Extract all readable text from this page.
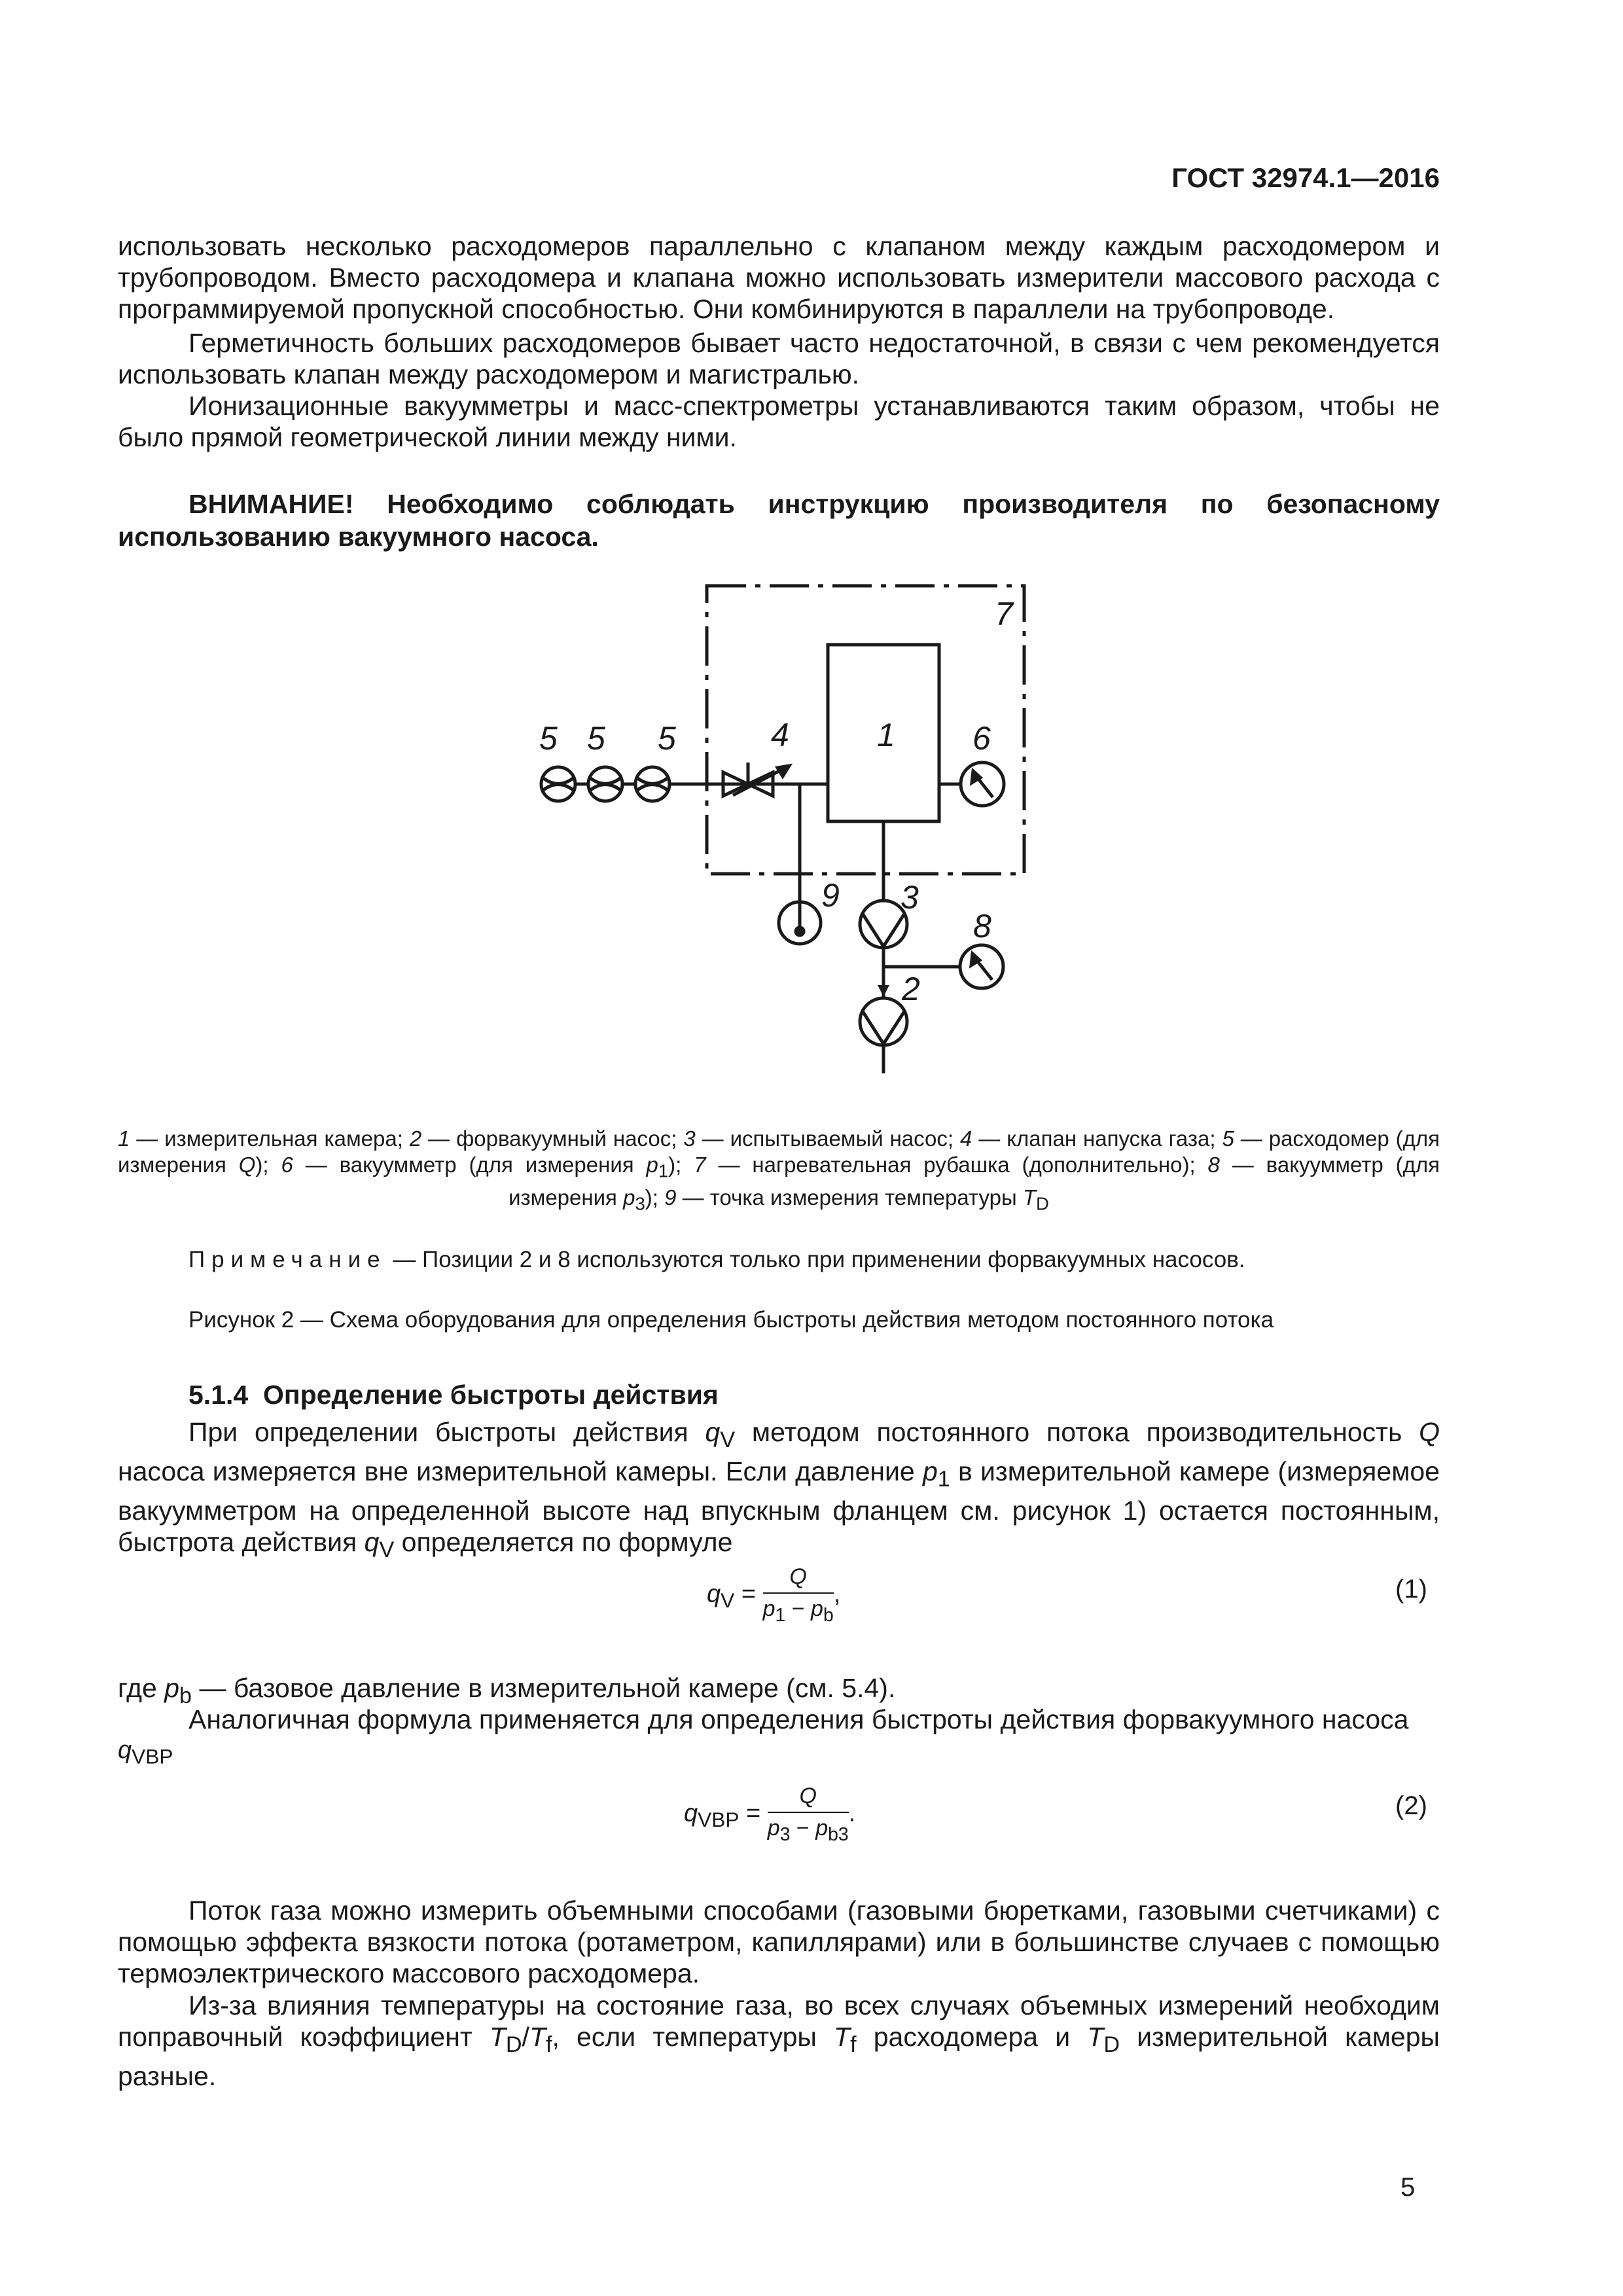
ГОСТ 32974.1—2016

использовать несколько расходомеров параллельно с клапаном между каждым расходомером и трубопроводом. Вместо расходомера и клапана можно использовать измерители массового расхода с программируемой пропускной способностью. Они комбинируются в параллели на трубопроводе.

Герметичность больших расходомеров бывает часто недостаточной, в связи с чем рекомендуется использовать клапан между расходомером и магистралью.

Ионизационные вакуумметры и масс-спектрометры устанавливаются таким образом, чтобы не было прямой геометрической линии между ними.

ВНИМАНИЕ! Необходимо соблюдать инструкцию производителя по безопасному использованию вакуумного насоса.

1
2
3
4
5 5 5	6
7
8
9

1 — измерительная камера; 2 — форвакуумный насос; 3 — испытываемый насос; 4 — клапан напуска газа; 5 — расходомер (для измерения Q); 6 — вакуумметр (для измерения $p_1$); 7 — нагревательная рубашка (дополнительно); 8 — вакуумметр (для измерения $p_3$); 9 — точка измерения температуры $T_D$

Примечание — Позиции 2 и 8 используются только при применении форвакуумных насосов.
Рисунок 2 — Схема оборудования для определения быстроты действия методом постоянного потока
5.1.4 Определение быстроты действия

При определении быстроты действия $q_V$ методом постоянного потока производительность Q насоса измеряется вне измерительной камеры. Если давление $p_1$ в измерительной камере (измеряемое вакуумметром на определенной высоте над впускным фланцем см. рисунок 1) остается постоянным, быстрота действия $q_V$ определяется по формуле

$q_V = \frac{Q}{p_1 - p_b}$ ,	(1)

где $p_b$ — базовое давление в измерительной камере (см. 5.4).

Аналогичная формула применяется для определения быстроты действия форвакуумного насоса

$q_{VBP}$
$q_{VBP} = \frac{Q}{p_3 - p_{b3}}$ .	(2)

Поток газа можно измерить объемными способами (газовыми бюретками, газовыми счетчиками) с помощью эффекта вязкости потока (ротаметром, капиллярами) или в большинстве случаев с помощью термоэлектрического массового расходомера.

Из-за влияния температуры на состояние газа, во всех случаях объемных измерений необходим поправочный коэффициент $T_D/T_f$, если температуры $T_f$ расходомера и $T_D$ измерительной камеры разные.

5
